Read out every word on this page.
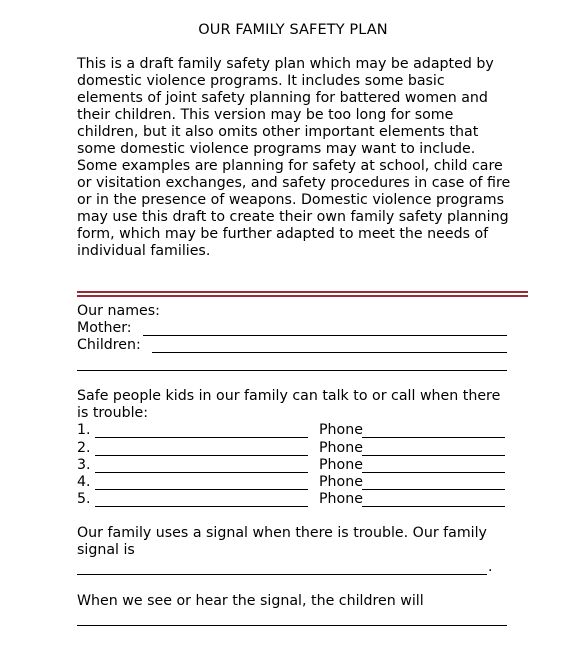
OUR FAMILY SAFETY PLAN
This is a draft family safety plan which may be adapted by
domestic violence programs. It includes some basic
elements of joint safety planning for battered women and
their children. This version may be too long for some
children, but it also omits other important elements that
some domestic violence programs may want to include.
Some examples are planning for safety at school, child care
or visitation exchanges, and safety procedures in case of fire
or in the presence of weapons. Domestic violence programs
may use this draft to create their own family safety planning
form, which may be further adapted to meet the needs of
individual families.
Our names:
Mother:
Children:
Safe people kids in our family can talk to or call when there
is trouble:
1.	Phone
2.	Phone
3.	Phone
4.	Phone
5.	Phone
Our family uses a signal when there is trouble. Our family
signal is
.
When we see or hear the signal, the children will
